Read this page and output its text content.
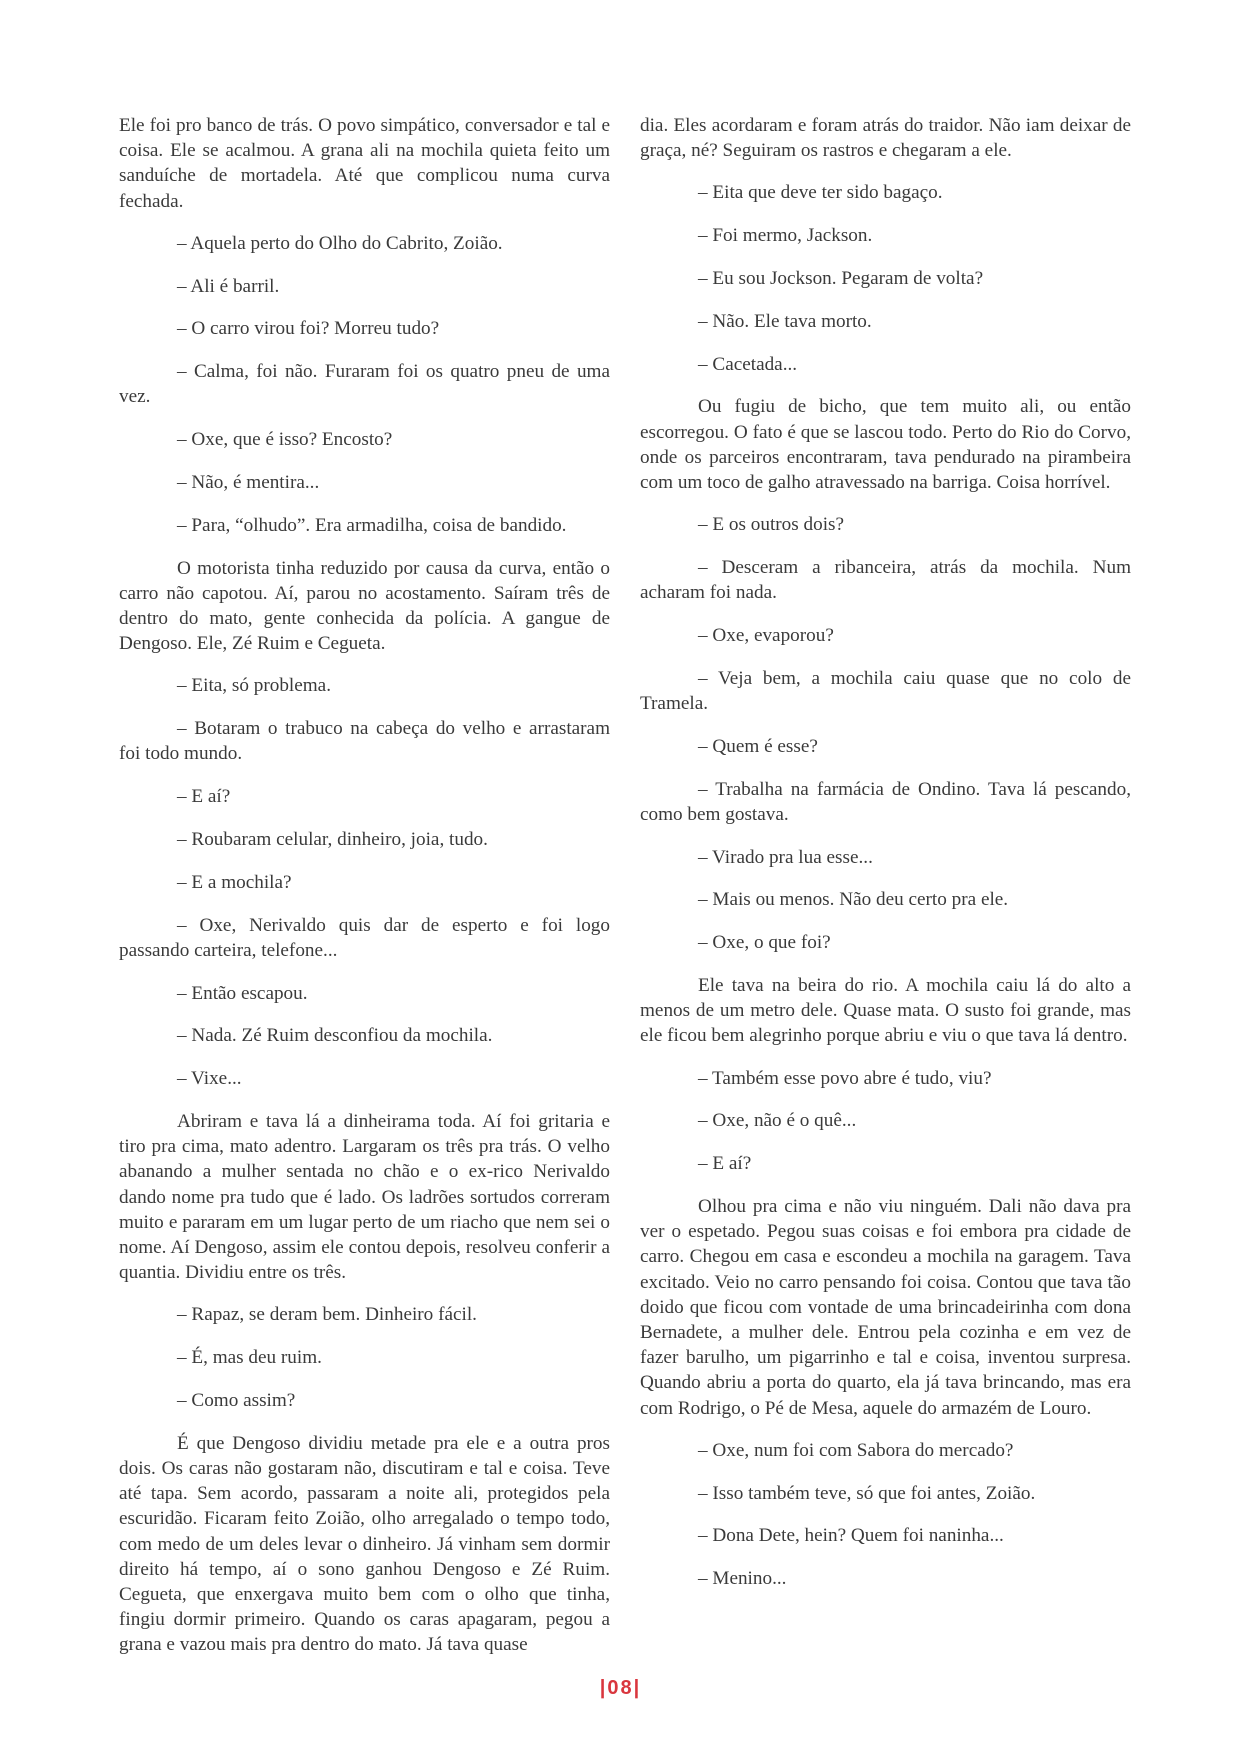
Ele foi pro banco de trás. O povo simpático, conversador e tal e coisa. Ele se acalmou. A grana ali na mochila quieta feito um sanduíche de mortadela. Até que complicou numa curva fechada.

– Aquela perto do Olho do Cabrito, Zoião.

– Ali é barril.

– O carro virou foi? Morreu tudo?

– Calma, foi não. Furaram foi os quatro pneu de uma vez.

– Oxe, que é isso? Encosto?

– Não, é mentira...

– Para, “olhudo”. Era armadilha, coisa de bandido.

O motorista tinha reduzido por causa da curva, então o carro não capotou. Aí, parou no acostamento. Saíram três de dentro do mato, gente conhecida da polícia. A gangue de Dengoso. Ele, Zé Ruim e Cegueta.

– Eita, só problema.

– Botaram o trabuco na cabeça do velho e arrastaram foi todo mundo.

– E aí?

– Roubaram celular, dinheiro, joia, tudo.

– E a mochila?

– Oxe, Nerivaldo quis dar de esperto e foi logo passando carteira, telefone...

– Então escapou.

– Nada. Zé Ruim desconfiou da mochila.

– Vixe...

Abriram e tava lá a dinheirama toda. Aí foi gritaria e tiro pra cima, mato adentro. Largaram os três pra trás. O velho abanando a mulher sentada no chão e o ex-rico Nerivaldo dando nome pra tudo que é lado. Os ladrões sortudos correram muito e pararam em um lugar perto de um riacho que nem sei o nome. Aí Dengoso, assim ele contou depois, resolveu conferir a quantia. Dividiu entre os três.

– Rapaz, se deram bem. Dinheiro fácil.

– É, mas deu ruim.

– Como assim?

É que Dengoso dividiu metade pra ele e a outra pros dois. Os caras não gostaram não, discutiram e tal e coisa. Teve até tapa. Sem acordo, passaram a noite ali, protegidos pela escuridão. Ficaram feito Zoião, olho arregalado o tempo todo, com medo de um deles levar o dinheiro. Já vinham sem dormir direito há tempo, aí o sono ganhou Dengoso e Zé Ruim. Cegueta, que enxergava muito bem com o olho que tinha, fingiu dormir primeiro. Quando os caras apagaram, pegou a grana e vazou mais pra dentro do mato. Já tava quase

dia. Eles acordaram e foram atrás do traidor. Não iam deixar de graça, né? Seguiram os rastros e chegaram a ele.

– Eita que deve ter sido bagaço.

– Foi mermo, Jackson.

– Eu sou Jockson. Pegaram de volta?

– Não. Ele tava morto.

– Cacetada...

Ou fugiu de bicho, que tem muito ali, ou então escorregou. O fato é que se lascou todo. Perto do Rio do Corvo, onde os parceiros encontraram, tava pendurado na pirambeira com um toco de galho atravessado na barriga. Coisa horrível.

– E os outros dois?

– Desceram a ribanceira, atrás da mochila. Num acharam foi nada.

– Oxe, evaporou?

– Veja bem, a mochila caiu quase que no colo de Tramela.

– Quem é esse?

– Trabalha na farmácia de Ondino. Tava lá pescando, como bem gostava.

– Virado pra lua esse...

– Mais ou menos. Não deu certo pra ele.

– Oxe, o que foi?

Ele tava na beira do rio. A mochila caiu lá do alto a menos de um metro dele. Quase mata. O susto foi grande, mas ele ficou bem alegrinho porque abriu e viu o que tava lá dentro.

– Também esse povo abre é tudo, viu?

– Oxe, não é o quê...

– E aí?

Olhou pra cima e não viu ninguém. Dali não dava pra ver o espetado. Pegou suas coisas e foi embora pra cidade de carro. Chegou em casa e escondeu a mochila na garagem. Tava excitado. Veio no carro pensando foi coisa. Contou que tava tão doido que ficou com vontade de uma brincadeirinha com dona Bernadete, a mulher dele. Entrou pela cozinha e em vez de fazer barulho, um pigarrinho e tal e coisa, inventou surpresa. Quando abriu a porta do quarto, ela já tava brincando, mas era com Rodrigo, o Pé de Mesa, aquele do armazém de Louro.

– Oxe, num foi com Sabora do mercado?

– Isso também teve, só que foi antes, Zoião.

– Dona Dete, hein? Quem foi naninha...

– Menino...

|08|
